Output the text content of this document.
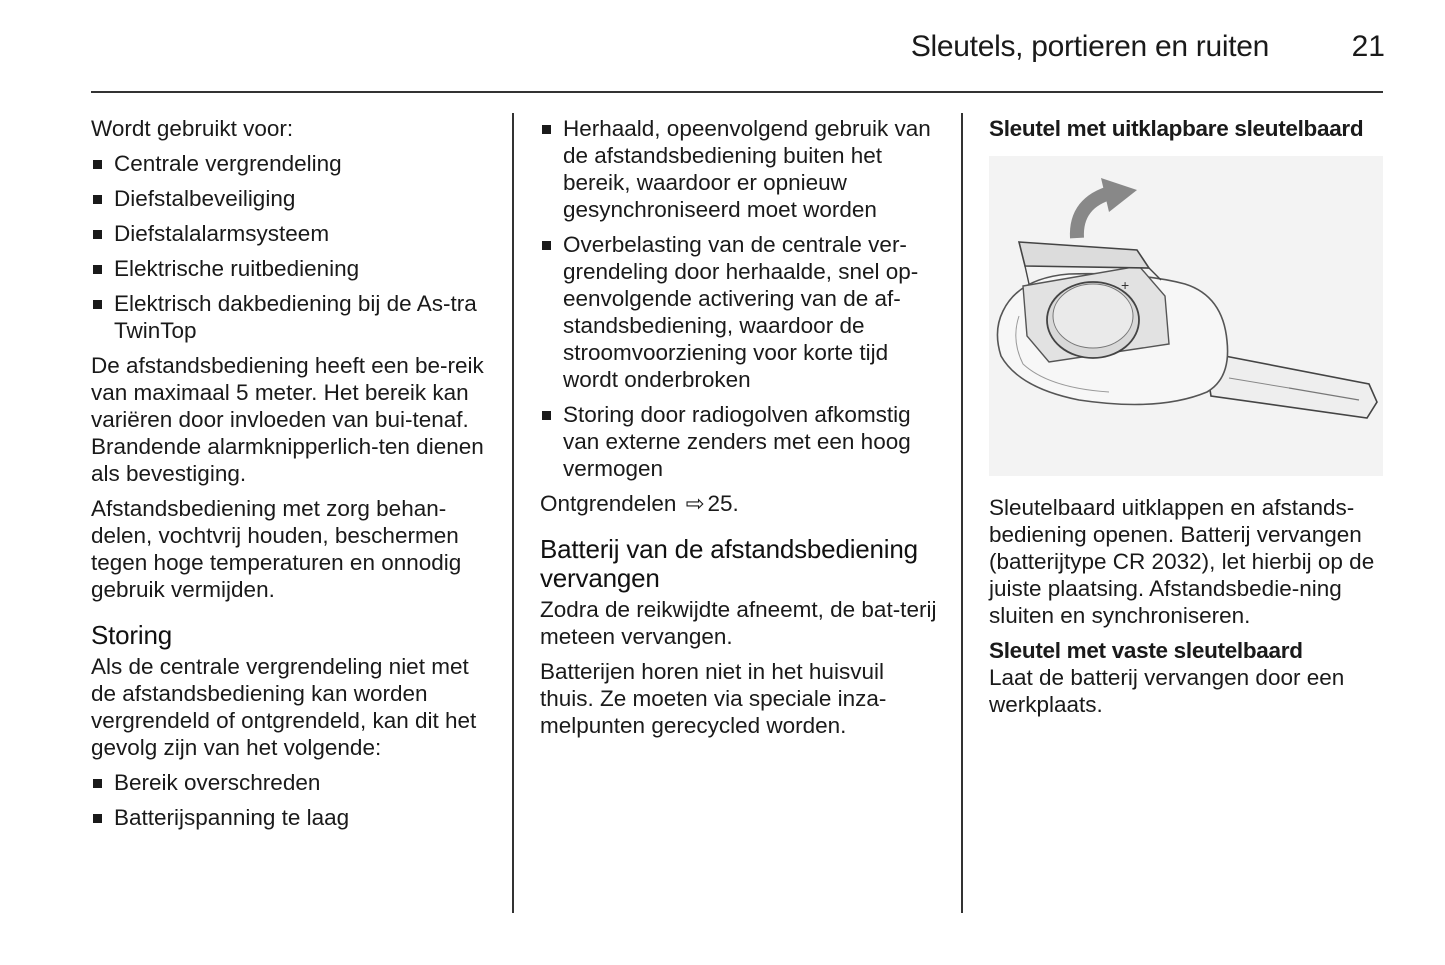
Sleutels, portieren en ruiten	21

Wordt gebruikt voor:

Centrale vergrendeling
Diefstalbeveiliging
Diefstalalarmsysteem
Elektrische ruitbediening
Elektrisch dakbediening bij de As-tra TwinTop

De afstandsbediening heeft een be-reik van maximaal 5 meter. Het bereik kan variëren door invloeden van bui-tenaf. Brandende alarmknipperlich-ten dienen als bevestiging.

Afstandsbediening met zorg behan-delen, vochtvrij houden, beschermen tegen hoge temperaturen en onnodig gebruik vermijden.

Storing

Als de centrale vergrendeling niet met de afstandsbediening kan worden vergrendeld of ontgrendeld, kan dit het gevolg zijn van het volgende:

Bereik overschreden
Batterijspanning te laag
Herhaald, opeenvolgend gebruik van de afstandsbediening buiten het bereik, waardoor er opnieuw gesynchroniseerd moet worden
Overbelasting van de centrale ver-grendeling door herhaalde, snel op-eenvolgende activering van de af-standsbediening, waardoor de stroomvoorziening voor korte tijd wordt onderbroken
Storing door radiogolven afkomstig van externe zenders met een hoog vermogen

Ontgrendelen ⇨ 25.

Batterij van de afstandsbediening vervangen

Zodra de reikwijdte afneemt, de bat-terij meteen vervangen.

Batterijen horen niet in het huisvuil thuis. Ze moeten via speciale inza-melpunten gerecycled worden.

Sleutel met uitklapbare sleutelbaard
+

Sleutelbaard uitklappen en afstands-bediening openen. Batterij vervangen (batterijtype CR 2032), let hierbij op de juiste plaatsing. Afstandsbedie-ning sluiten en synchroniseren.

Sleutel met vaste sleutelbaard

Laat de batterij vervangen door een werkplaats.
